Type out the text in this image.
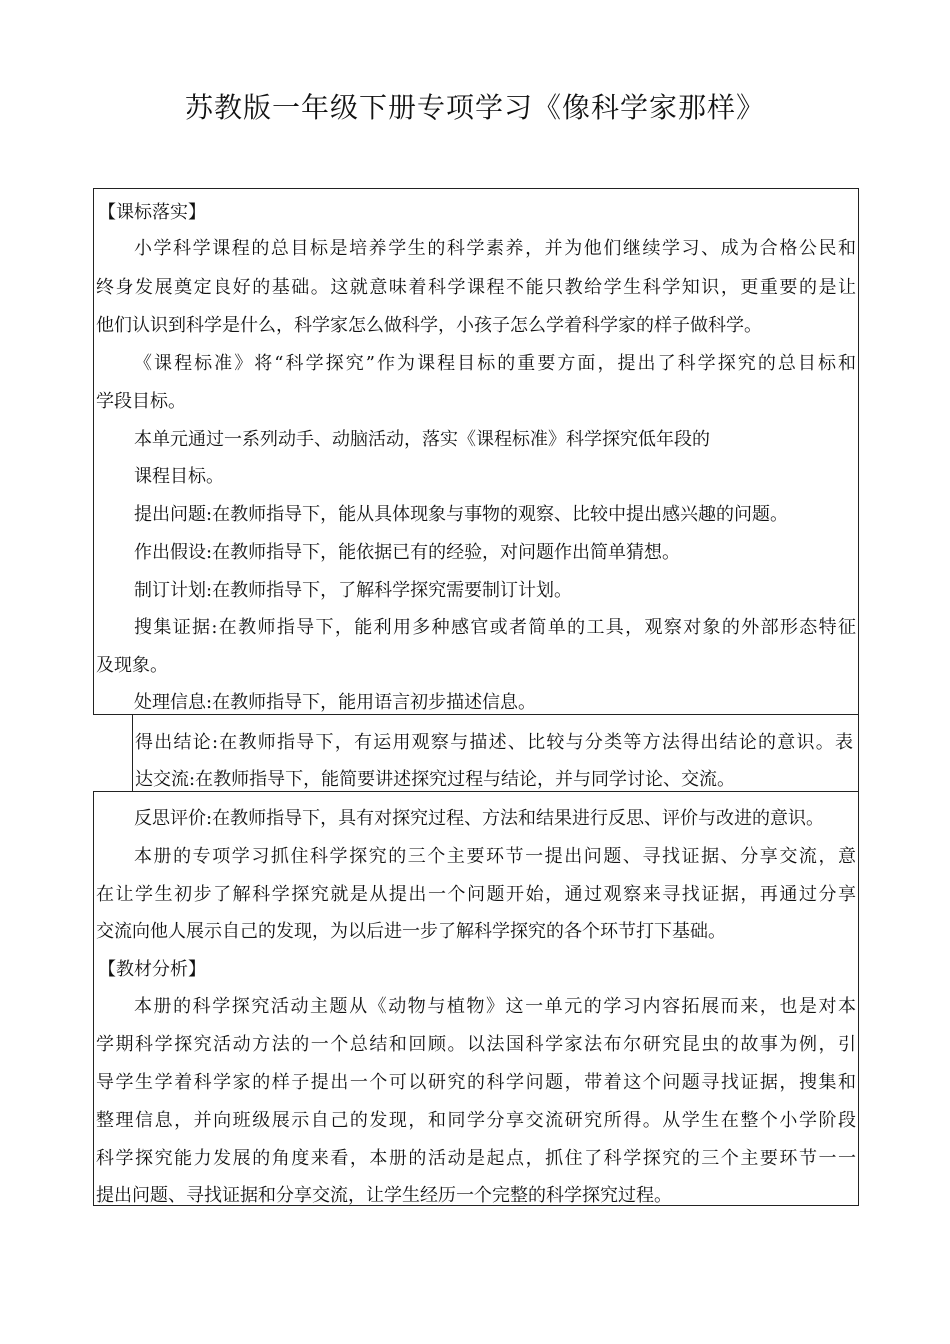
苏教版一年级下册专项学习《像科学家那样》
【课标落实】
小学科学课程的总目标是培养学生的科学素养，并为他们继续学习、成为合格公民和
终身发展奠定良好的基础。这就意味着科学课程不能只教给学生科学知识，更重要的是让
他们认识到科学是什么，科学家怎么做科学，小孩子怎么学着科学家的样子做科学。
《课程标准》将“科学探究”作为课程目标的重要方面，提出了科学探究的总目标和
学段目标。
本单元通过一系列动手、动脑活动，落实《课程标准》科学探究低年段的
课程目标。
提出问题:在教师指导下，能从具体现象与事物的观察、比较中提出感兴趣的问题。
作出假设:在教师指导下，能依据已有的经验，对问题作出简单猜想。
制订计划:在教师指导下，了解科学探究需要制订计划。
搜集证据:在教师指导下，能利用多种感官或者简单的工具，观察对象的外部形态特征
及现象。
处理信息:在教师指导下，能用语言初步描述信息。
得出结论:在教师指导下，有运用观察与描述、比较与分类等方法得出结论的意识。表
达交流:在教师指导下，能简要讲述探究过程与结论，并与同学讨论、交流。
反思评价:在教师指导下，具有对探究过程、方法和结果进行反思、评价与改进的意识。
本册的专项学习抓住科学探究的三个主要环节一提出问题、寻找证据、分享交流，意
在让学生初步了解科学探究就是从提出一个问题开始，通过观察来寻找证据，再通过分享
交流向他人展示自己的发现，为以后进一步了解科学探究的各个环节打下基础。
【教材分析】
本册的科学探究活动主题从《动物与植物》这一单元的学习内容拓展而来，也是对本
学期科学探究活动方法的一个总结和回顾。以法国科学家法布尔研究昆虫的故事为例，引
导学生学着科学家的样子提出一个可以研究的科学问题，带着这个问题寻找证据，搜集和
整理信息，并向班级展示自己的发现，和同学分享交流研究所得。从学生在整个小学阶段
科学探究能力发展的角度来看，本册的活动是起点，抓住了科学探究的三个主要环节一一
提出问题、寻找证据和分享交流，让学生经历一个完整的科学探究过程。
